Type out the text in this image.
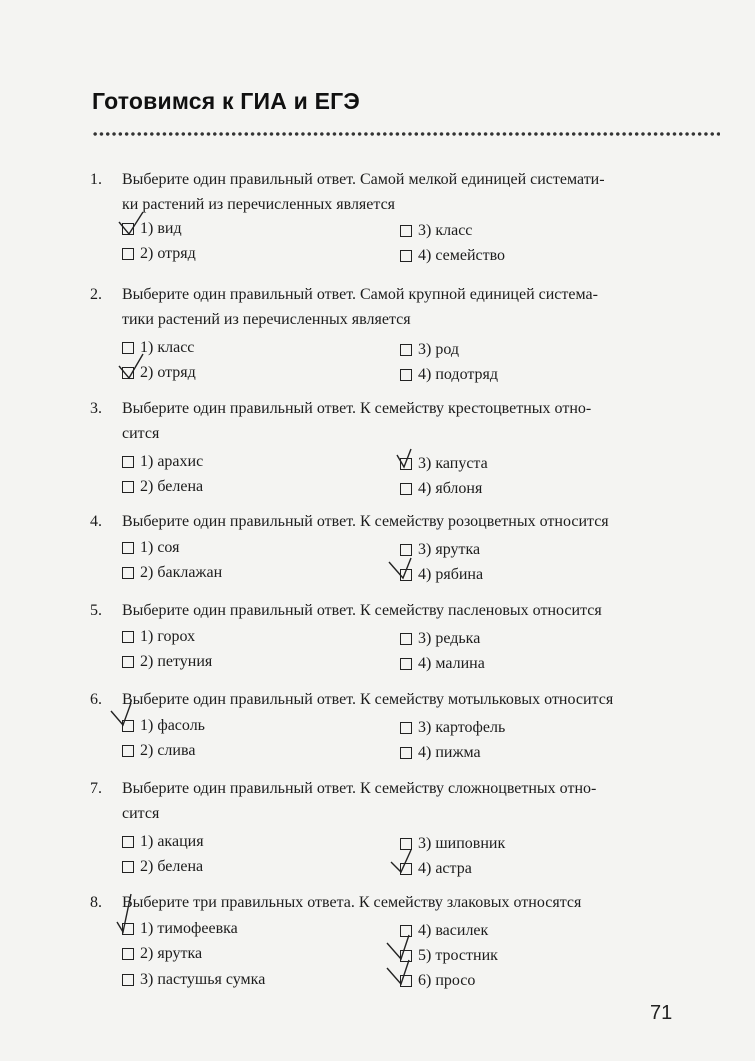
Готовимся к ГИА и ЕГЭ
1.	Выберите один правильный ответ. Самой мелкой единицей системати-
ки растений из перечисленных является
1) вид
2) отряд
3) класс
4) семейство
2.	Выберите один правильный ответ. Самой крупной единицей система-
тики растений из перечисленных является
1) класс
2) отряд
3) род
4) подотряд
3.	Выберите один правильный ответ. К семейству крестоцветных отно-
сится
1) арахис
2) белена
3) капуста
4) яблоня
4.	Выберите один правильный ответ. К семейству розоцветных относится
1) соя
2) баклажан
3) ярутка
4) рябина
5.	Выберите один правильный ответ. К семейству пасленовых относится
1) горох
2) петуния
3) редька
4) малина
6.	Выберите один правильный ответ. К семейству мотыльковых относится
1) фасоль
2) слива
3) картофель
4) пижма
7.	Выберите один правильный ответ. К семейству сложноцветных отно-
сится
1) акация
2) белена
3) шиповник
4) астра
8.	Выберите три правильных ответа. К семейству злаковых относятся
1) тимофеевка
2) ярутка
3) пастушья сумка
4) василек
5) тростник
6) просо
71
